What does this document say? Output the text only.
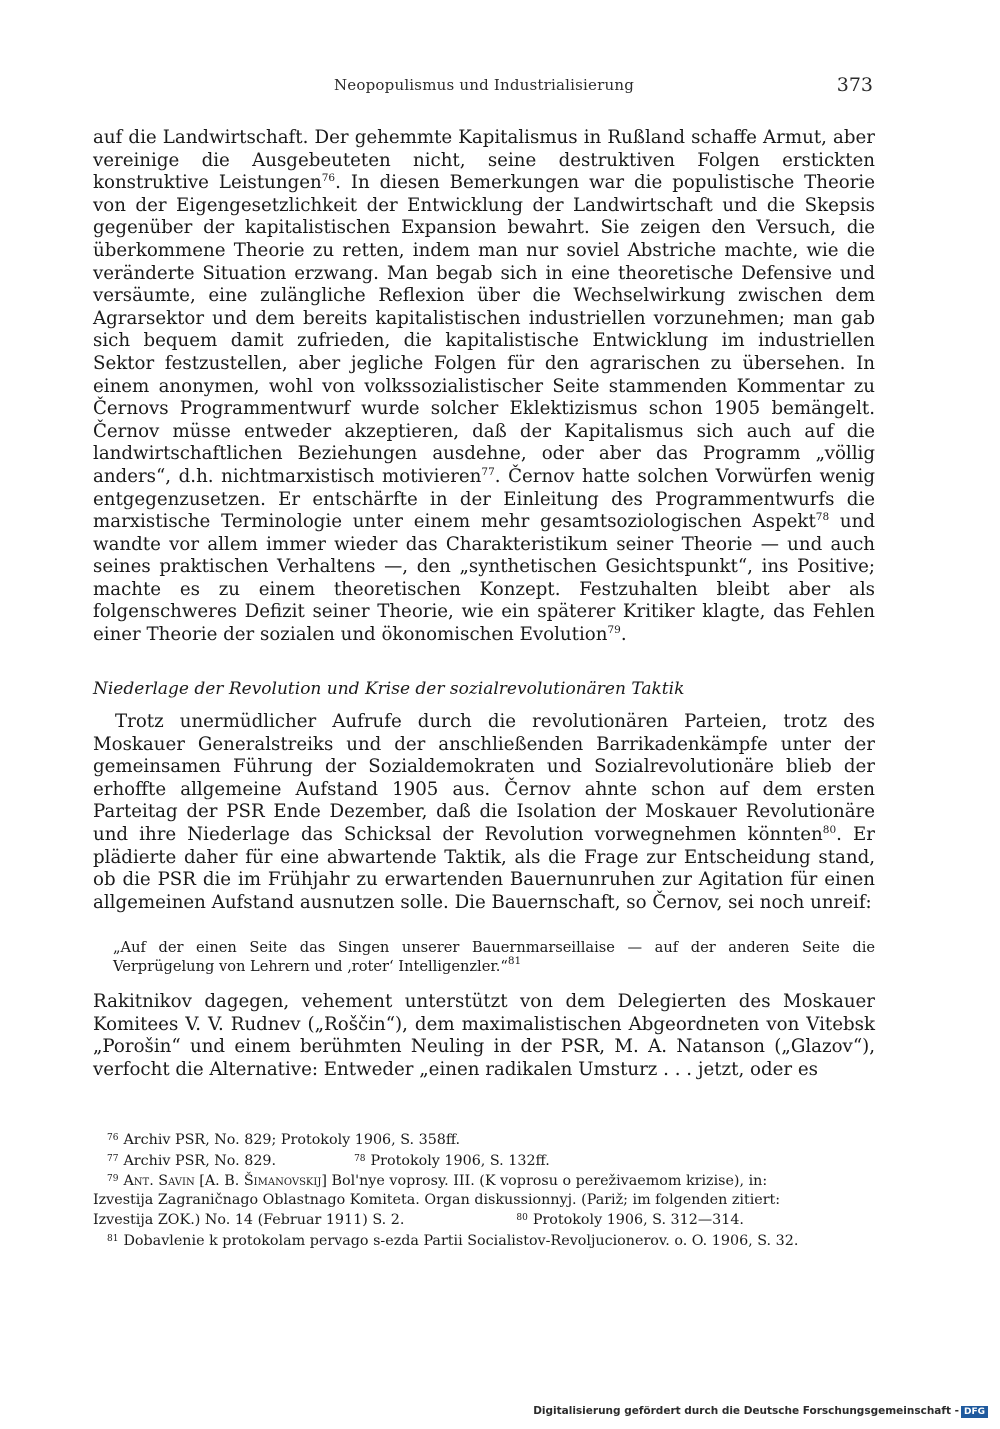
Neopopulismus und Industrialisierung	373

auf die Landwirtschaft. Der gehemmte Kapitalismus in Rußland schaffe Armut, aber vereinige die Ausgebeuteten nicht, seine destruktiven Folgen erstickten konstruktive Leistungen$^{76}$. In diesen Bemerkungen war die populistische Theorie von der Eigengesetzlichkeit der Entwicklung der Landwirtschaft und die Skepsis gegenüber der kapitalistischen Expansion bewahrt. Sie zeigen den Versuch, die überkommene Theorie zu retten, indem man nur soviel Abstriche machte, wie die veränderte Situation erzwang. Man begab sich in eine theoretische Defensive und versäumte, eine zulängliche Reflexion über die Wechselwirkung zwischen dem Agrarsektor und dem bereits kapitalistischen industriellen vorzunehmen; man gab sich bequem damit zufrieden, die kapitalistische Entwicklung im industriellen Sektor festzustellen, aber jegliche Folgen für den agrarischen zu übersehen. In einem anonymen, wohl von volkssozialistischer Seite stammenden Kommentar zu Černovs Programmentwurf wurde solcher Eklektizismus schon 1905 bemängelt. Černov müsse entweder akzeptieren, daß der Kapitalismus sich auch auf die landwirtschaftlichen Beziehungen ausdehne, oder aber das Programm „völlig anders“, d.h. nichtmarxistisch motivieren$^{77}$. Černov hatte solchen Vorwürfen wenig entgegenzusetzen. Er entschärfte in der Einleitung des Programmentwurfs die marxistische Terminologie unter einem mehr gesamtsoziologischen Aspekt$^{78}$ und wandte vor allem immer wieder das Charakteristikum seiner Theorie — und auch seines praktischen Verhaltens —, den „synthetischen Gesichtspunkt“, ins Positive; machte es zu einem theoretischen Konzept. Festzuhalten bleibt aber als folgenschweres Defizit seiner Theorie, wie ein späterer Kritiker klagte, das Fehlen einer Theorie der sozialen und ökonomischen Evolution$^{79}$.

Niederlage der Revolution und Krise der sozialrevolutionären Taktik

Trotz unermüdlicher Aufrufe durch die revolutionären Parteien, trotz des Moskauer Generalstreiks und der anschließenden Barrikadenkämpfe unter der gemeinsamen Führung der Sozialdemokraten und Sozialrevolutionäre blieb der erhoffte allgemeine Aufstand 1905 aus. Černov ahnte schon auf dem ersten Parteitag der PSR Ende Dezember, daß die Isolation der Moskauer Revolutionäre und ihre Niederlage das Schicksal der Revolution vorwegnehmen könnten$^{80}$. Er plädierte daher für eine abwartende Taktik, als die Frage zur Entscheidung stand, ob die PSR die im Frühjahr zu erwartenden Bauernunruhen zur Agitation für einen allgemeinen Aufstand ausnutzen solle. Die Bauernschaft, so Černov, sei noch unreif:

„Auf der einen Seite das Singen unserer Bauernmarseillaise — auf der anderen Seite die Verprügelung von Lehrern und ‚roter‘ Intelligenzler.“$^{81}$

Rakitnikov dagegen, vehement unterstützt von dem Delegierten des Moskauer Komitees V. V. Rudnev („Roščin“), dem maximalistischen Abgeordneten von Vitebsk „Porošin“ und einem berühmten Neuling in der PSR, M. A. Natanson („Glazov“), verfocht die Alternative: Entweder „einen radikalen Umsturz . . . jetzt, oder es

$^{76}$ Archiv PSR, No. 829; Protokoly 1906, S. 358ff.
$^{77}$ Archiv PSR, No. 829.	$^{78}$ Protokoly 1906, S. 132ff.
$^{79}$ Ant. Savin [A. B. Šimanovskij] Bol'nye voprosy. III. (K voprosu o pereživaemom krizise), in:
Izvestija Zagraničnago Oblastnago Komiteta. Organ diskussionnyj. (Pariž; im folgenden zitiert:
Izvestija ZOK.) No. 14 (Februar 1911) S. 2.	$^{80}$ Protokoly 1906, S. 312—314.
$^{81}$ Dobavlenie k protokolam pervago s-ezda Partii Socialistov-Revoljucionerov. o. O. 1906, S. 32.
Digitalisierung gefördert durch die Deutsche Forschungsgemeinschaft - DFG
